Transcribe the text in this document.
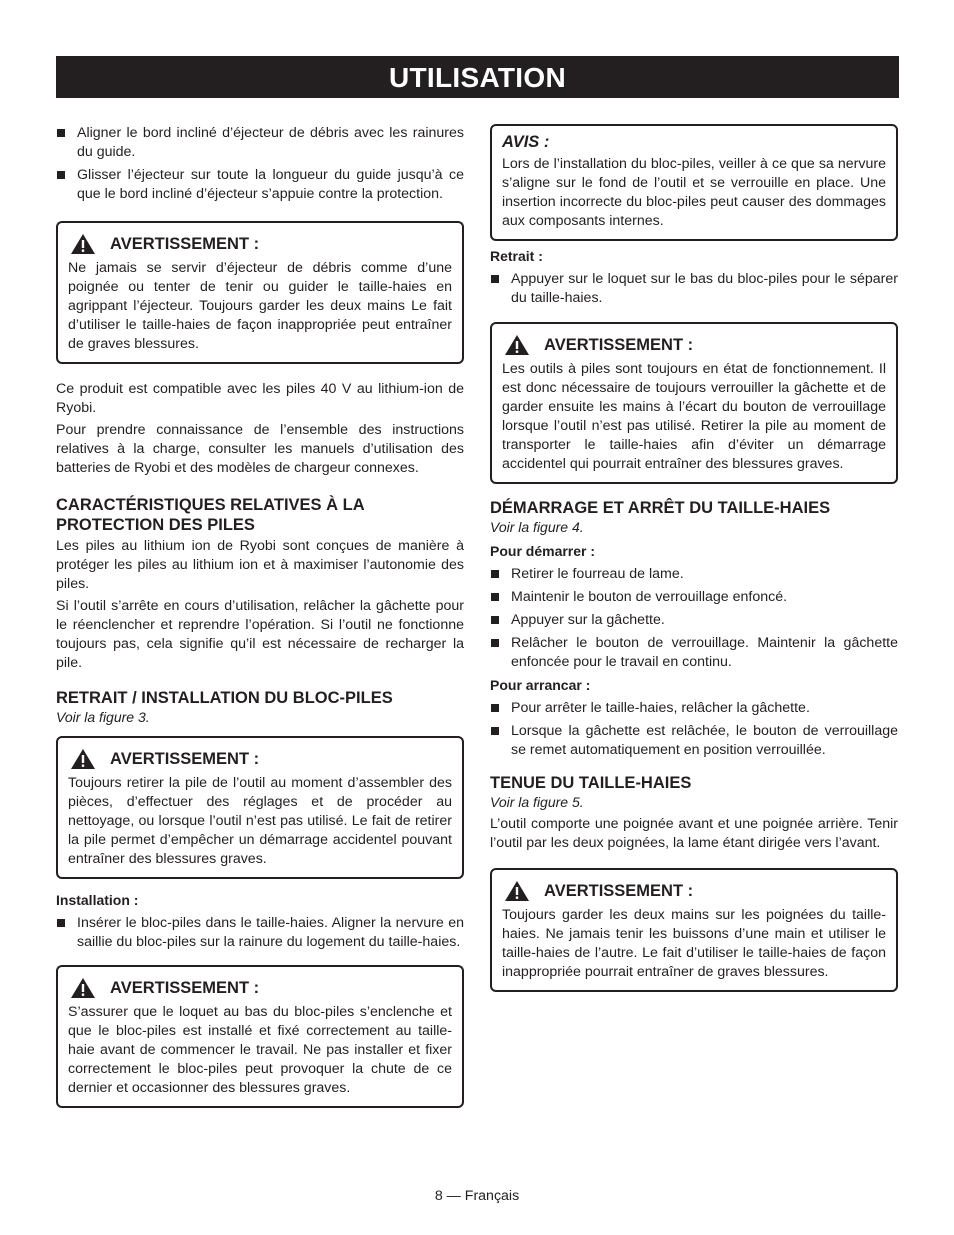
UTILISATION
Aligner le bord incliné d’éjecteur de débris avec les rainures du guide.
Glisser l’éjecteur sur toute la longueur du guide jusqu’à ce que le bord incliné d’éjecteur s’appuie contre la protection.
AVERTISSEMENT :

Ne jamais se servir d’éjecteur de débris comme d’une poignée ou tenter de tenir ou guider le taille-haies en agrippant l’éjecteur. Toujours garder les deux mains Le fait d’utiliser le taille-haies de façon inappropriée peut entraîner de graves blessures.

Ce produit est compatible avec les piles 40 V au lithium-ion de Ryobi.

Pour prendre connaissance de l’ensemble des instructions relatives à la charge, consulter les manuels d’utilisation des batteries de Ryobi et des modèles de chargeur connexes.

CARACTÉRISTIQUES RELATIVES À LA PROTECTION DES PILES

Les piles au lithium ion de Ryobi sont conçues de manière à protéger les piles au lithium ion et à maximiser l’autonomie des piles.

Si l’outil s’arrête en cours d’utilisation, relâcher la gâchette pour le réenclencher et reprendre l’opération. Si l’outil ne fonctionne toujours pas, cela signifie qu’il est nécessaire de recharger la pile.

RETRAIT / INSTALLATION DU BLOC-PILES
Voir la figure 3.
AVERTISSEMENT :

Toujours retirer la pile de l’outil au moment d’assembler des pièces, d’effectuer des réglages et de procéder au nettoyage, ou lorsque l’outil n’est pas utilisé. Le fait de retirer la pile permet d’empêcher un démarrage accidentel pouvant entraîner des blessures graves.

Installation :
Insérer le bloc-piles dans le taille-haies. Aligner la nervure en saillie du bloc-piles sur la rainure du logement du taille-haies.
AVERTISSEMENT :

S’assurer que le loquet au bas du bloc-piles s’enclenche et que le bloc-piles est installé et fixé correctement au taille-haie avant de commencer le travail. Ne pas installer et fixer correctement le bloc-piles peut provoquer la chute de ce dernier et occasionner des blessures graves.

AVIS :

Lors de l’installation du bloc-piles, veiller à ce que sa nervure s’aligne sur le fond de l’outil et se verrouille en place. Une insertion incorrecte du bloc-piles peut causer des dommages aux composants internes.

Retrait :
Appuyer sur le loquet sur le bas du bloc-piles pour le séparer du taille-haies.
AVERTISSEMENT :

Les outils à piles sont toujours en état de fonctionnement. Il est donc nécessaire de toujours verrouiller la gâchette et de garder ensuite les mains à l’écart du bouton de verrouillage lorsque l’outil n’est pas utilisé. Retirer la pile au moment de transporter le taille-haies afin d’éviter un démarrage accidentel qui pourrait entraîner des blessures graves.

DÉMARRAGE ET ARRÊT DU TAILLE-HAIES
Voir la figure 4.
Pour démarrer :
Retirer le fourreau de lame.
Maintenir le bouton de verrouillage enfoncé.
Appuyer sur la gâchette.
Relâcher le bouton de verrouillage. Maintenir la gâchette enfoncée pour le travail en continu.
Pour arrancar :
Pour arrêter le taille-haies, relâcher la gâchette.
Lorsque la gâchette est relâchée, le bouton de verrouillage se remet automatiquement en position verrouillée.
TENUE DU TAILLE-HAIES
Voir la figure 5.

L’outil comporte une poignée avant et une poignée arrière. Tenir l’outil par les deux poignées, la lame étant dirigée vers l’avant.

AVERTISSEMENT :

Toujours garder les deux mains sur les poignées du taille-haies. Ne jamais tenir les buissons d’une main et utiliser le taille-haies de l’autre. Le fait d’utiliser le taille-haies de façon inappropriée pourrait entraîner de graves blessures.

8 — Français
